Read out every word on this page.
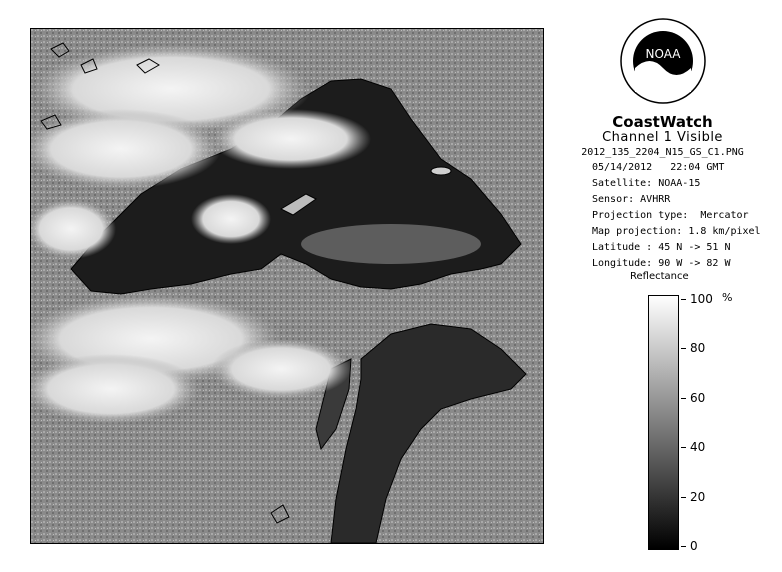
NOAA
CoastWatch
Channel 1 Visible
2012_135_2204_N15_GS_C1.PNG
05/14/2012   22:04 GMT
Satellite: NOAA-15
Sensor: AVHRR
Projection type:  Mercator
Map projection: 1.8 km/pixel
Latitude : 45 N -> 51 N
Longitude: 90 W -> 82 W
Reflectance
%
100
80
60
40
20
0
